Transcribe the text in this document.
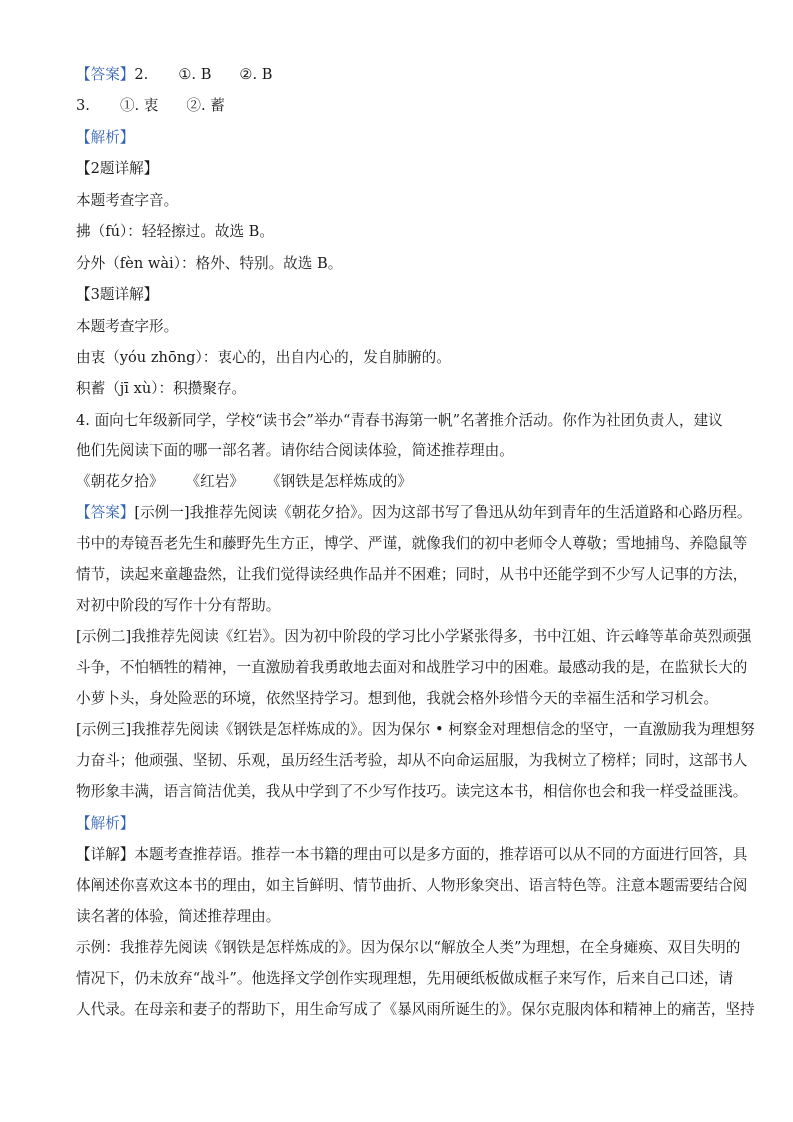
【答案】2. ①. B ②. B
3. ①. 衷 ②. 蓄
【解析】
【2题详解】
本题考查字音。
拂（fú）：轻轻擦过。故选 B。
分外（fèn wài）：格外、特别。故选 B。
【3题详解】
本题考查字形。
由衷（yóu zhōng）：衷心的，出自内心的，发自肺腑的。
积蓄（jī xù）：积攒聚存。
4. 面向七年级新同学，学校“读书会”举办“青春书海第一帆”名著推介活动。你作为社团负责人，建议
他们先阅读下面的哪一部名著。请你结合阅读体验，简述推荐理由。
《朝花夕拾》 《红岩》 《钢铁是怎样炼成的》
【答案】[示例一]我推荐先阅读《朝花夕拾》。因为这部书写了鲁迅从幼年到青年的生活道路和心路历程。
书中的寿镜吾老先生和藤野先生方正，博学、严谨，就像我们的初中老师令人尊敬；雪地捕鸟、养隐鼠等
情节，读起来童趣盎然，让我们觉得读经典作品并不困难；同时，从书中还能学到不少写人记事的方法，
对初中阶段的写作十分有帮助。
[示例二]我推荐先阅读《红岩》。因为初中阶段的学习比小学紧张得多，书中江姐、许云峰等革命英烈顽强
斗争，不怕牺牲的精神，一直激励着我勇敢地去面对和战胜学习中的困难。最感动我的是，在监狱长大的
小萝卜头，身处险恶的环境，依然坚持学习。想到他，我就会格外珍惜今天的幸福生活和学习机会。
[示例三]我推荐先阅读《钢铁是怎样炼成的》。因为保尔 • 柯察金对理想信念的坚守，一直激励我为理想努
力奋斗；他顽强、坚韧、乐观，虽历经生活考验，却从不向命运屈服，为我树立了榜样；同时，这部书人
物形象丰满，语言简洁优美，我从中学到了不少写作技巧。读完这本书，相信你也会和我一样受益匪浅。
【解析】
【详解】本题考查推荐语。推荐一本书籍的理由可以是多方面的，推荐语可以从不同的方面进行回答，具
体阐述你喜欢这本书的理由，如主旨鲜明、情节曲折、人物形象突出、语言特色等。注意本题需要结合阅
读名著的体验，简述推荐理由。
示例：我推荐先阅读《钢铁是怎样炼成的》。因为保尔以“解放全人类”为理想，在全身瘫痪、双目失明的
情况下，仍未放弃“战斗”。他选择文学创作实现理想，先用硬纸板做成框子来写作，后来自己口述，请
人代录。在母亲和妻子的帮助下，用生命写成了《暴风雨所诞生的》。保尔克服肉体和精神上的痛苦，坚持
